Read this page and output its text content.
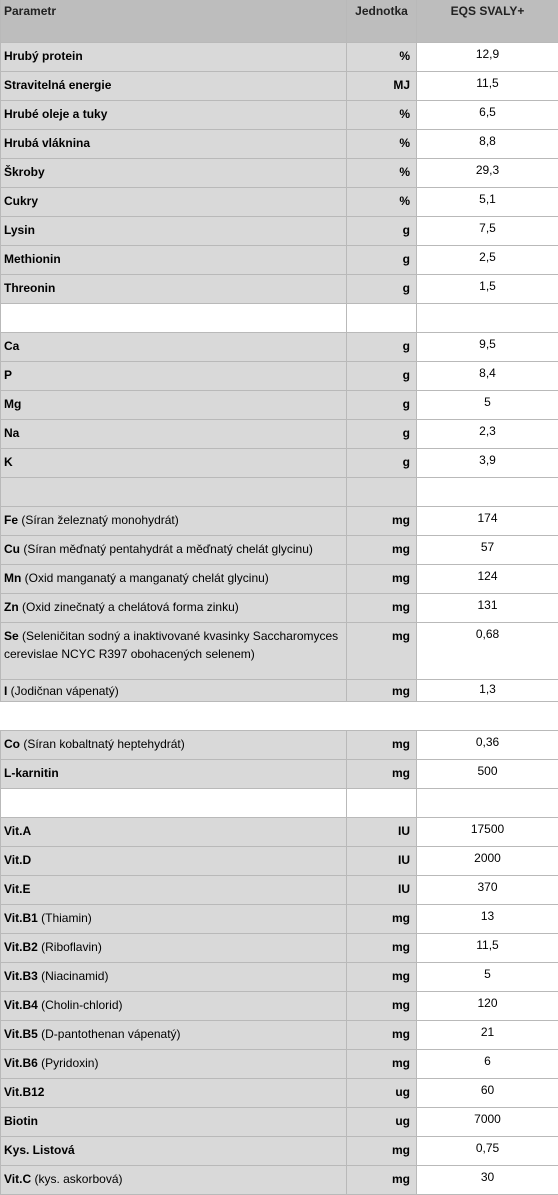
Parametr	Jednotka	EQS SVALY+
Hrubý protein	%	12,9
Stravitelná energie	MJ	11,5
Hrubé oleje a tuky	%	6,5
Hrubá vláknina	%	8,8
Škroby	%	29,3
Cukry	%	5,1
Lysin	g	7,5
Methionin	g	2,5
Threonin	g	1,5

Ca	g	9,5
P	g	8,4
Mg	g	5
Na	g	2,3
K	g	3,9

Fe (Síran železnatý monohydrát)	mg	174
Cu (Síran měďnatý pentahydrát a měďnatý chelát glycinu)	mg	57
Mn (Oxid manganatý a manganatý chelát glycinu)	mg	124
Zn (Oxid zinečnatý a chelátová forma zinku)	mg	131
Se (Seleničitan sodný a inaktivované kvasinky Saccharomyces cerevislae NCYC R397 obohacených selenem)	mg	0,68
I (Jodičnan vápenatý)	mg	1,3

Co (Síran kobaltnatý heptehydrát)	mg	0,36
L-karnitin	mg	500

Vit.A	IU	17500
Vit.D	IU	2000
Vit.E	IU	370
Vit.B1 (Thiamin)	mg	13
Vit.B2 (Riboflavin)	mg	11,5
Vit.B3 (Niacinamid)	mg	5
Vit.B4 (Cholin-chlorid)	mg	120
Vit.B5 (D-pantothenan vápenatý)	mg	21
Vit.B6 (Pyridoxin)	mg	6
Vit.B12	ug	60
Biotin	ug	7000
Kys. Listová	mg	0,75
Vit.C (kys. askorbová)	mg	30
